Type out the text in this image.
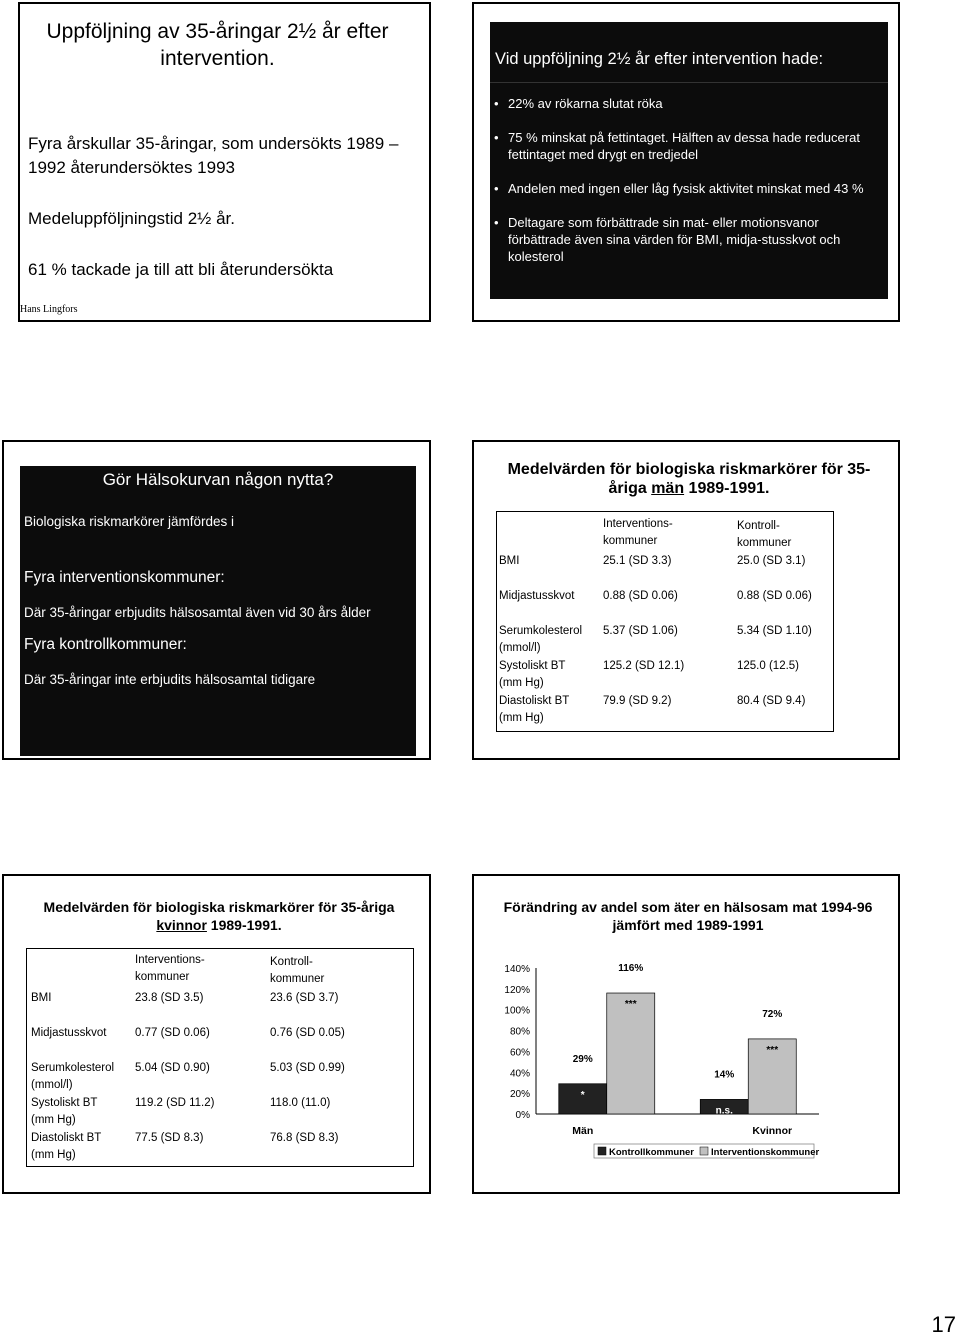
Uppföljning av 35-åringar 2½ år efter intervention.
Fyra årskullar 35-åringar, som undersökts 1989 – 1992 återundersöktes 1993
Medeluppföljningstid 2½ år.
61 % tackade ja till att bli återundersökta
Hans Lingfors
Vid uppföljning 2½ år efter intervention hade:
• 22% av rökarna slutat röka
• 75 % minskat på fettintaget. Hälften av dessa hade reducerat fettintaget med drygt en tredjedel
• Andelen med ingen eller låg fysisk aktivitet minskat med 43 %
• Deltagare som förbättrade sin mat- eller motionsvanor förbättrade även sina värden för BMI, midja-stusskvot och kolesterol
Gör Hälsokurvan någon nytta?
Biologiska riskmarkörer jämfördes i
Fyra interventionskommuner:
Där 35-åringar erbjudits hälsosamtal även vid 30 års ålder
Fyra kontrollkommuner:
Där 35-åringar inte erbjudits hälsosamtal tidigare
Medelvärden för biologiska riskmarkörer för 35-åriga män 1989-1991.
Interventions-
kommuner
Kontroll-
kommuner
BMI	25.1 (SD 3.3)	25.0 (SD 3.1)
Midjastusskvot 0.88 (SD 0.06)	0.88 (SD 0.06)
Serumkolesterol
(mmol/l)
5.37 (SD 1.06)	5.34 (SD 1.10)
Systoliskt BT
(mm Hg)
125.2 (SD 12.1)	125.0 (12.5)
Diastoliskt BT
(mm Hg)
79.9 (SD 9.2)	80.4 (SD 9.4)
Medelvärden för biologiska riskmarkörer för 35-åriga kvinnor 1989-1991.
Interventions-
kommuner
Kontroll-
kommuner
BMI	23.8 (SD 3.5)	23.6 (SD 3.7)
Midjastusskvot 0.77 (SD 0.06)	0.76 (SD 0.05)
Serumkolesterol
(mmol/l)
5.04 (SD 0.90)	5.03 (SD 0.99)
Systoliskt BT
(mm Hg)
119.2 (SD 11.2)	118.0 (11.0)
Diastoliskt BT
(mm Hg)
77.5 (SD 8.3)	76.8 (SD 8.3)
Förändring av andel som äter en hälsosam mat 1994-96 jämfört med 1989-1991
0%
20%
40%
60%
80%
100%
120%
140%
29%
*
116%
***
Män
14%
n.s.
72%
***
Kvinnor
Kontrollkommuner Interventionskommuner
17
